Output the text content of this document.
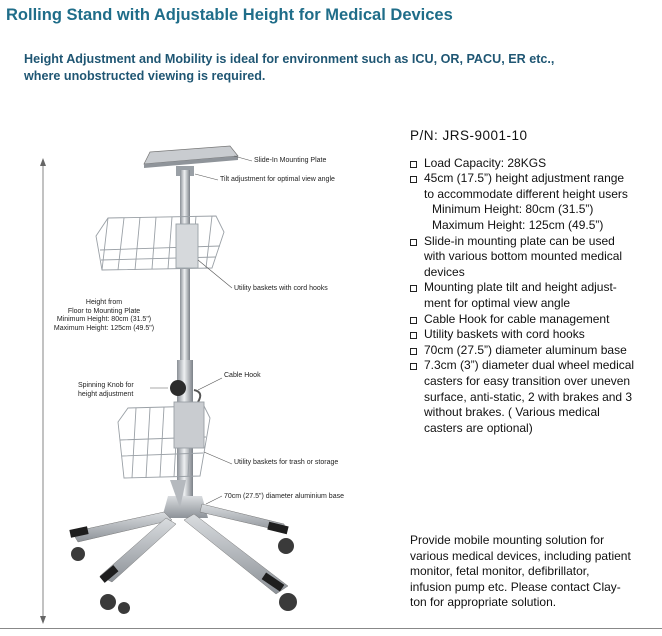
Rolling Stand with Adjustable Height for Medical Devices

Height Adjustment and Mobility is ideal for environment such as ICU, OR, PACU, ER etc.,
where unobstructed viewing is required.

Slide-In Mounting Plate
Tilt adjustment for optimal view angle
Utility baskets with cord hooks
Height from
Floor to Mounting Plate
Minimum Height: 80cm (31.5")
Maximum Height: 125cm (49.5")
Cable Hook
Spinning Knob for
height adjustment
Utility baskets for trash or storage
70cm (27.5") diameter aluminium base
P/N: JRS-9001-10
Load Capacity: 28KGS
45cm (17.5”) height adjustment range
to accommodate different height users
Minimum Height: 80cm (31.5”)
Maximum Height: 125cm (49.5”)
Slide-in mounting plate can be used
with various bottom mounted medical
devices
Mounting plate tilt and height adjust-
ment for optimal view angle
Cable Hook for cable management
Utility baskets with cord hooks
70cm (27.5”) diameter aluminum base
7.3cm (3”) diameter dual wheel medical
casters for easy transition over uneven
surface, anti-static, 2 with brakes and 3
without brakes. ( Various medical
casters are optional)
Provide mobile mounting solution for
various medical devices, including patient
monitor, fetal monitor, defibrillator,
infusion pump etc. Please contact Clay-
ton for appropriate solution.
